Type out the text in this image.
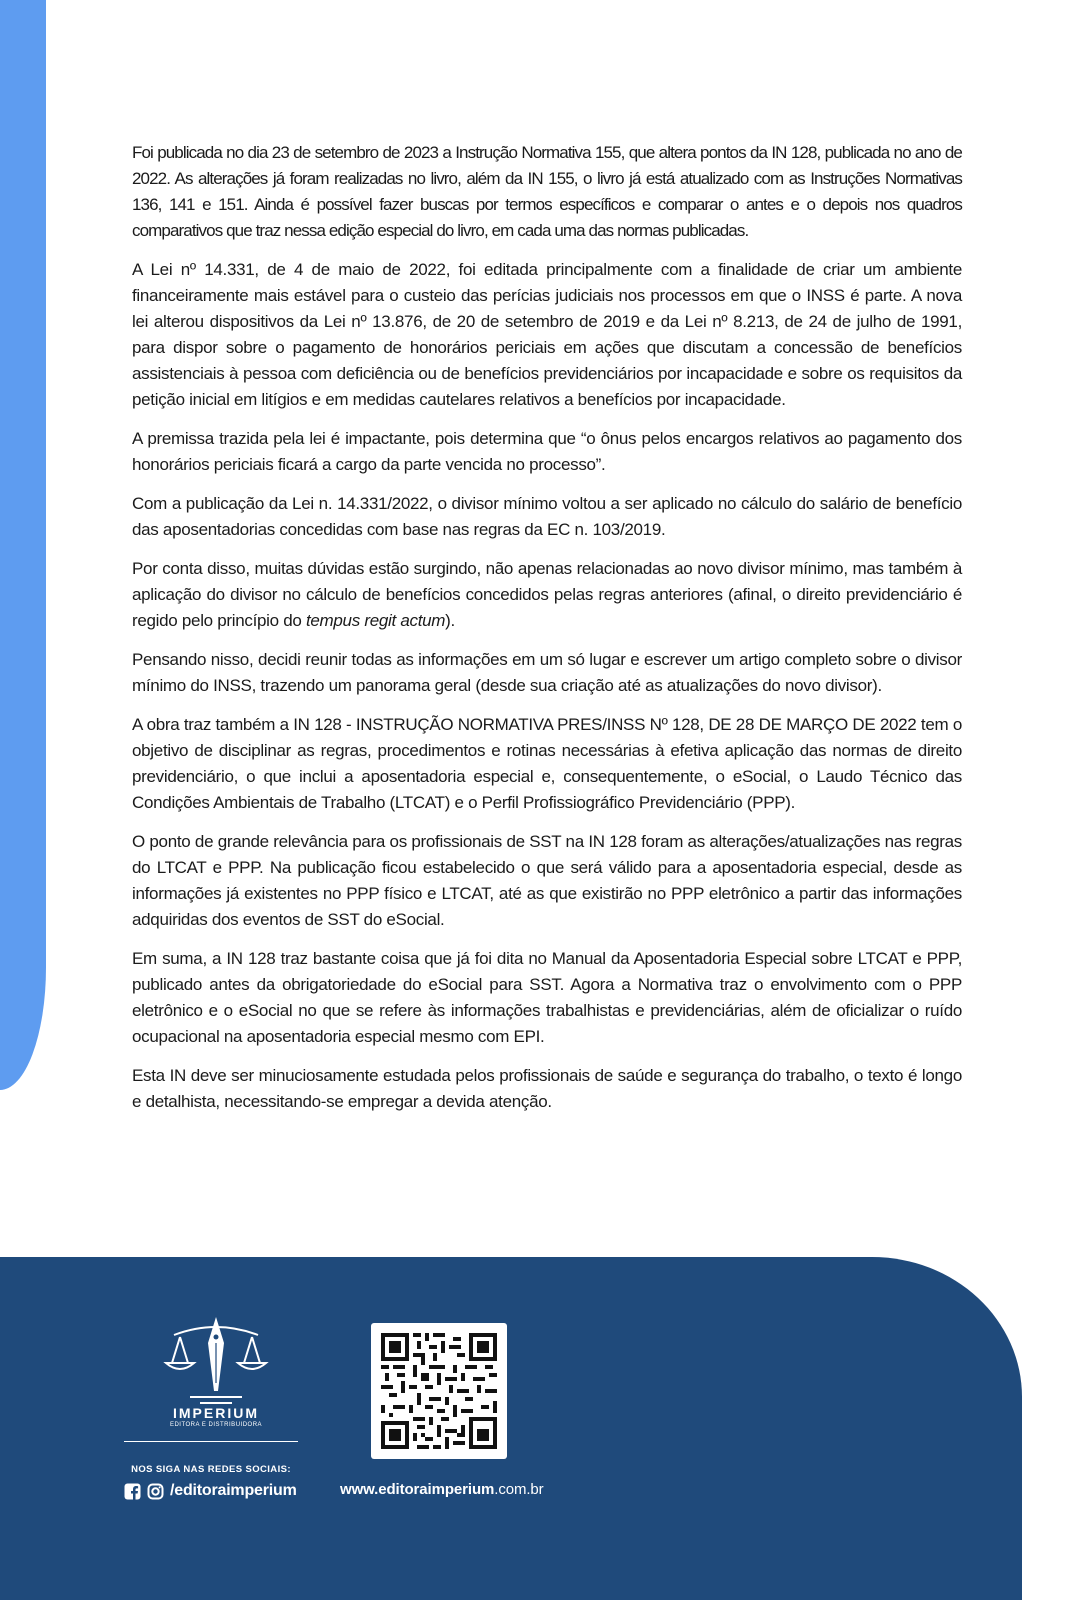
Foi publicada no dia 23 de setembro de 2023 a Instrução Normativa 155, que altera pontos da IN 128, publicada no ano de 2022. As alterações já foram realizadas no livro, além da IN 155, o livro já está atualizado com as Instruções Normativas 136, 141 e 151. Ainda é possível fazer buscas por termos específicos e comparar o antes e o depois nos quadros comparativos que traz nessa edição especial do livro, em cada uma das normas publicadas.

A Lei nº 14.331, de 4 de maio de 2022, foi editada principalmente com a finalidade de criar um ambiente financeiramente mais estável para o custeio das perícias judiciais nos processos em que o INSS é parte. A nova lei alterou dispositivos da Lei nº 13.876, de 20 de setembro de 2019 e da Lei nº 8.213, de 24 de julho de 1991, para dispor sobre o pagamento de honorários periciais em ações que discutam a concessão de benefícios assistenciais à pessoa com deficiência ou de benefícios previdenciários por incapacidade e sobre os requisitos da petição inicial em litígios e em medidas cautelares relativos a benefícios por incapacidade.

A premissa trazida pela lei é impactante, pois determina que “o ônus pelos encargos relativos ao pagamento dos honorários periciais ficará a cargo da parte vencida no processo”.

Com a publicação da Lei n. 14.331/2022, o divisor mínimo voltou a ser aplicado no cálculo do salário de benefício das aposentadorias concedidas com base nas regras da EC n. 103/2019.

Por conta disso, muitas dúvidas estão surgindo, não apenas relacionadas ao novo divisor mínimo, mas também à aplicação do divisor no cálculo de benefícios concedidos pelas regras anteriores (afinal, o direito previdenciário é regido pelo princípio do tempus regit actum).

Pensando nisso, decidi reunir todas as informações em um só lugar e escrever um artigo completo sobre o divisor mínimo do INSS, trazendo um panorama geral (desde sua criação até as atualizações do novo divisor).

A obra traz também a IN 128 - INSTRUÇÃO NORMATIVA PRES/INSS Nº 128, DE 28 DE MARÇO DE 2022 tem o objetivo de disciplinar as regras, procedimentos e rotinas necessárias à efetiva aplicação das normas de direito previdenciário, o que inclui a aposentadoria especial e, consequentemente, o eSocial, o Laudo Técnico das Condições Ambientais de Trabalho (LTCAT) e o Perfil Profissiográfico Previdenciário (PPP).

O ponto de grande relevância para os profissionais de SST na IN 128 foram as alterações/atualizações nas regras do LTCAT e PPP. Na publicação ficou estabelecido o que será válido para a aposentadoria especial, desde as informações já existentes no PPP físico e LTCAT, até as que existirão no PPP eletrônico a partir das informações adquiridas dos eventos de SST do eSocial.

Em suma, a IN 128 traz bastante coisa que já foi dita no Manual da Aposentadoria Especial sobre LTCAT e PPP, publicado antes da obrigatoriedade do eSocial para SST. Agora a Normativa traz o envolvimento com o PPP eletrônico e o eSocial no que se refere às informações trabalhistas e previdenciárias, além de oficializar o ruído ocupacional na aposentadoria especial mesmo com EPI.

Esta IN deve ser minuciosamente estudada pelos profissionais de saúde e segurança do trabalho, o texto é longo e detalhista, necessitando-se empregar a devida atenção.

IMPERIUM
EDITORA E DISTRIBUIDORA
NOS SIGA NAS REDES SOCIAIS:
/editoraimperium	www.editoraimperium.com.br
